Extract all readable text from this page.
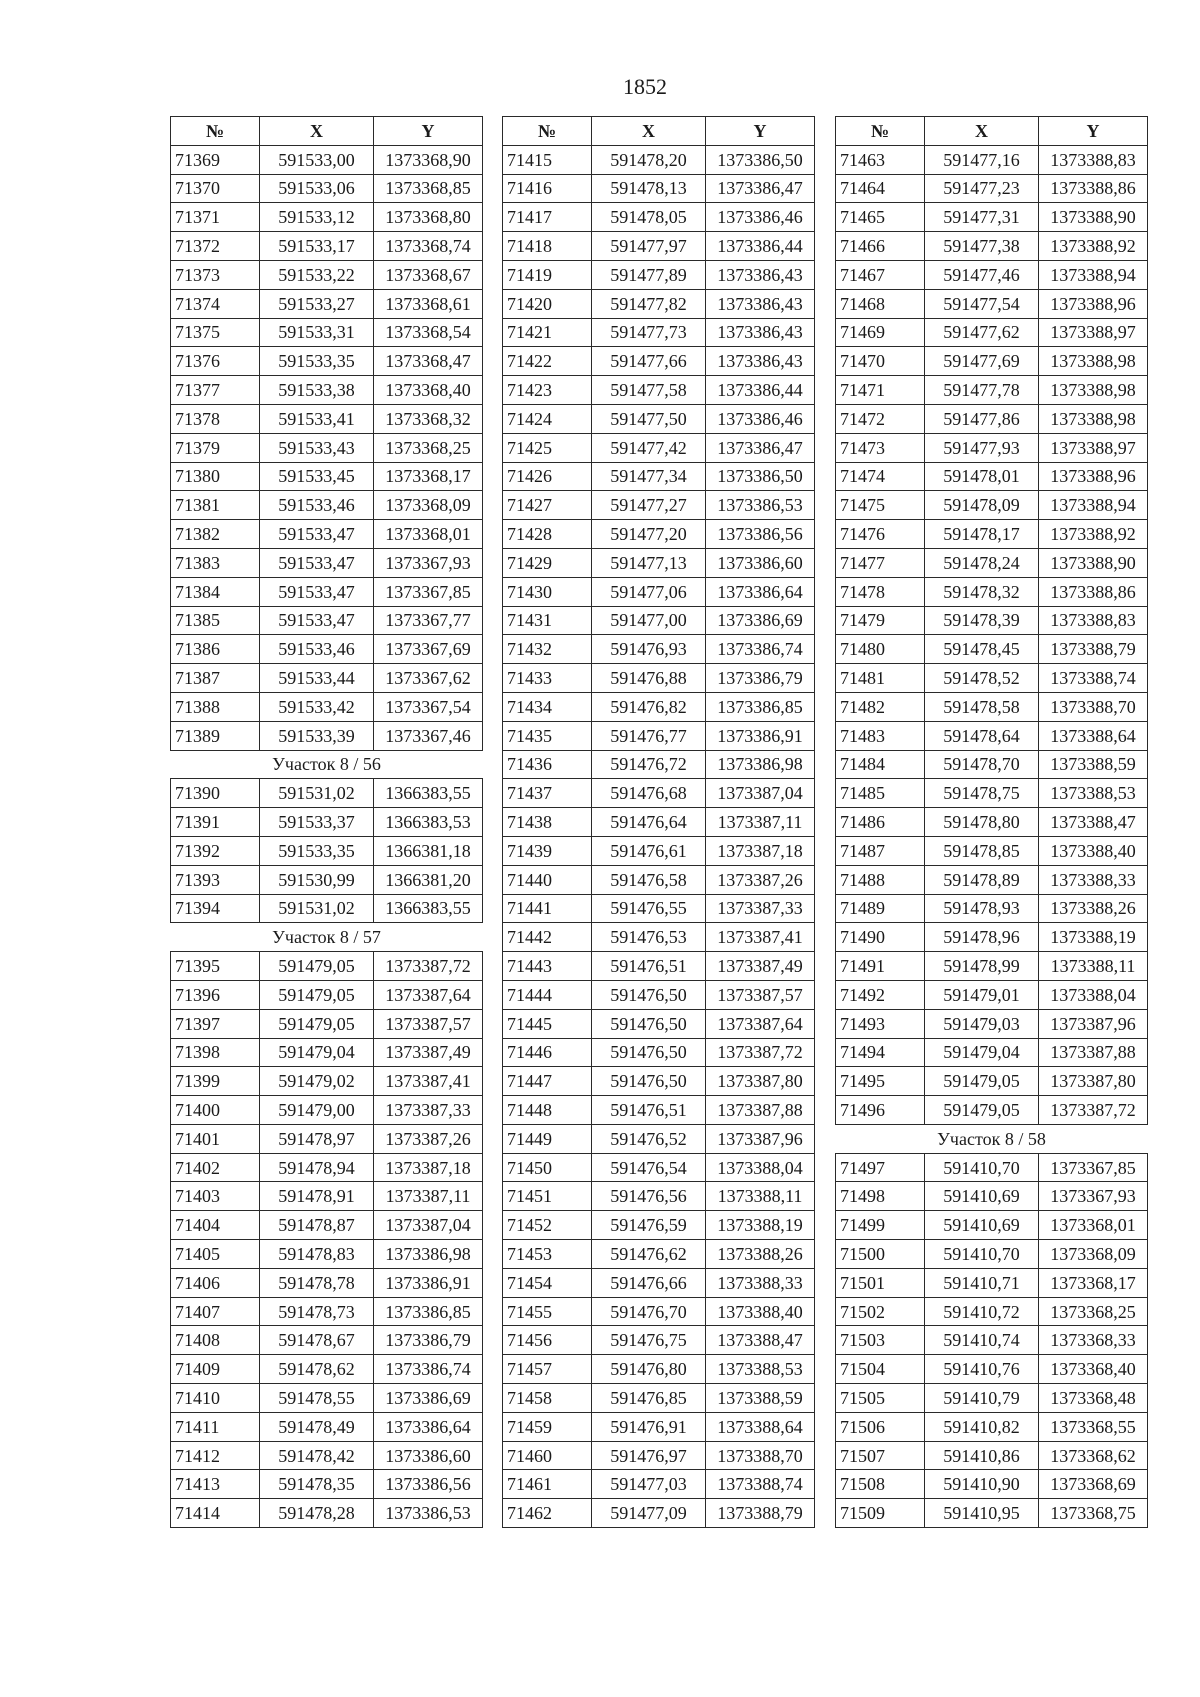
1852
№	X	Y
71369	591533,00	1373368,90
71370	591533,06	1373368,85
71371	591533,12	1373368,80
71372	591533,17	1373368,74
71373	591533,22	1373368,67
71374	591533,27	1373368,61
71375	591533,31	1373368,54
71376	591533,35	1373368,47
71377	591533,38	1373368,40
71378	591533,41	1373368,32
71379	591533,43	1373368,25
71380	591533,45	1373368,17
71381	591533,46	1373368,09
71382	591533,47	1373368,01
71383	591533,47	1373367,93
71384	591533,47	1373367,85
71385	591533,47	1373367,77
71386	591533,46	1373367,69
71387	591533,44	1373367,62
71388	591533,42	1373367,54
71389	591533,39	1373367,46
Участок 8 / 56		
71390	591531,02	1366383,55
71391	591533,37	1366383,53
71392	591533,35	1366381,18
71393	591530,99	1366381,20
71394	591531,02	1366383,55
Участок 8 / 57		
71395	591479,05	1373387,72
71396	591479,05	1373387,64
71397	591479,05	1373387,57
71398	591479,04	1373387,49
71399	591479,02	1373387,41
71400	591479,00	1373387,33
71401	591478,97	1373387,26
71402	591478,94	1373387,18
71403	591478,91	1373387,11
71404	591478,87	1373387,04
71405	591478,83	1373386,98
71406	591478,78	1373386,91
71407	591478,73	1373386,85
71408	591478,67	1373386,79
71409	591478,62	1373386,74
71410	591478,55	1373386,69
71411	591478,49	1373386,64
71412	591478,42	1373386,60
71413	591478,35	1373386,56
71414	591478,28	1373386,53
№	X	Y
71415	591478,20	1373386,50
71416	591478,13	1373386,47
71417	591478,05	1373386,46
71418	591477,97	1373386,44
71419	591477,89	1373386,43
71420	591477,82	1373386,43
71421	591477,73	1373386,43
71422	591477,66	1373386,43
71423	591477,58	1373386,44
71424	591477,50	1373386,46
71425	591477,42	1373386,47
71426	591477,34	1373386,50
71427	591477,27	1373386,53
71428	591477,20	1373386,56
71429	591477,13	1373386,60
71430	591477,06	1373386,64
71431	591477,00	1373386,69
71432	591476,93	1373386,74
71433	591476,88	1373386,79
71434	591476,82	1373386,85
71435	591476,77	1373386,91
71436	591476,72	1373386,98
71437	591476,68	1373387,04
71438	591476,64	1373387,11
71439	591476,61	1373387,18
71440	591476,58	1373387,26
71441	591476,55	1373387,33
71442	591476,53	1373387,41
71443	591476,51	1373387,49
71444	591476,50	1373387,57
71445	591476,50	1373387,64
71446	591476,50	1373387,72
71447	591476,50	1373387,80
71448	591476,51	1373387,88
71449	591476,52	1373387,96
71450	591476,54	1373388,04
71451	591476,56	1373388,11
71452	591476,59	1373388,19
71453	591476,62	1373388,26
71454	591476,66	1373388,33
71455	591476,70	1373388,40
71456	591476,75	1373388,47
71457	591476,80	1373388,53
71458	591476,85	1373388,59
71459	591476,91	1373388,64
71460	591476,97	1373388,70
71461	591477,03	1373388,74
71462	591477,09	1373388,79
№	X	Y
71463	591477,16	1373388,83
71464	591477,23	1373388,86
71465	591477,31	1373388,90
71466	591477,38	1373388,92
71467	591477,46	1373388,94
71468	591477,54	1373388,96
71469	591477,62	1373388,97
71470	591477,69	1373388,98
71471	591477,78	1373388,98
71472	591477,86	1373388,98
71473	591477,93	1373388,97
71474	591478,01	1373388,96
71475	591478,09	1373388,94
71476	591478,17	1373388,92
71477	591478,24	1373388,90
71478	591478,32	1373388,86
71479	591478,39	1373388,83
71480	591478,45	1373388,79
71481	591478,52	1373388,74
71482	591478,58	1373388,70
71483	591478,64	1373388,64
71484	591478,70	1373388,59
71485	591478,75	1373388,53
71486	591478,80	1373388,47
71487	591478,85	1373388,40
71488	591478,89	1373388,33
71489	591478,93	1373388,26
71490	591478,96	1373388,19
71491	591478,99	1373388,11
71492	591479,01	1373388,04
71493	591479,03	1373387,96
71494	591479,04	1373387,88
71495	591479,05	1373387,80
71496	591479,05	1373387,72
Участок 8 / 58		
71497	591410,70	1373367,85
71498	591410,69	1373367,93
71499	591410,69	1373368,01
71500	591410,70	1373368,09
71501	591410,71	1373368,17
71502	591410,72	1373368,25
71503	591410,74	1373368,33
71504	591410,76	1373368,40
71505	591410,79	1373368,48
71506	591410,82	1373368,55
71507	591410,86	1373368,62
71508	591410,90	1373368,69
71509	591410,95	1373368,75
